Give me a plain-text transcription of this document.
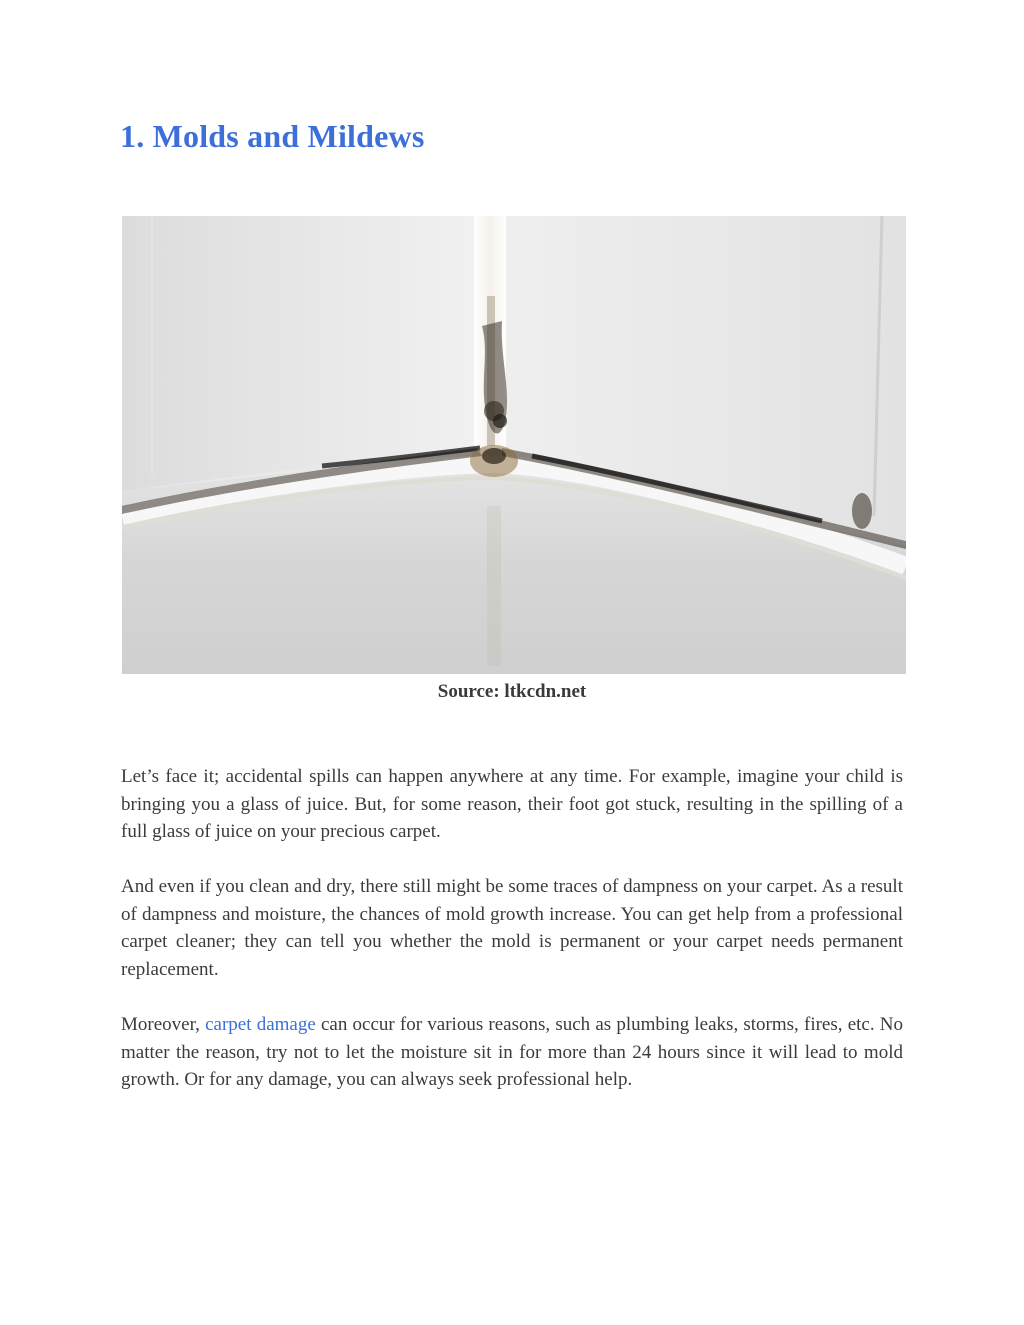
1. Molds and Mildews
Source: ltkcdn.net

Let’s face it; accidental spills can happen anywhere at any time. For example, imagine your child is bringing you a glass of juice. But, for some reason, their foot got stuck, resulting in the spilling of a full glass of juice on your precious carpet.

And even if you clean and dry, there still might be some traces of dampness on your carpet. As a result of dampness and moisture, the chances of mold growth increase. You can get help from a professional carpet cleaner; they can tell you whether the mold is permanent or your carpet needs permanent replacement.

Moreover, carpet damage can occur for various reasons, such as plumbing leaks, storms, fires, etc. No matter the reason, try not to let the moisture sit in for more than 24 hours since it will lead to mold growth. Or for any damage, you can always seek professional help.
